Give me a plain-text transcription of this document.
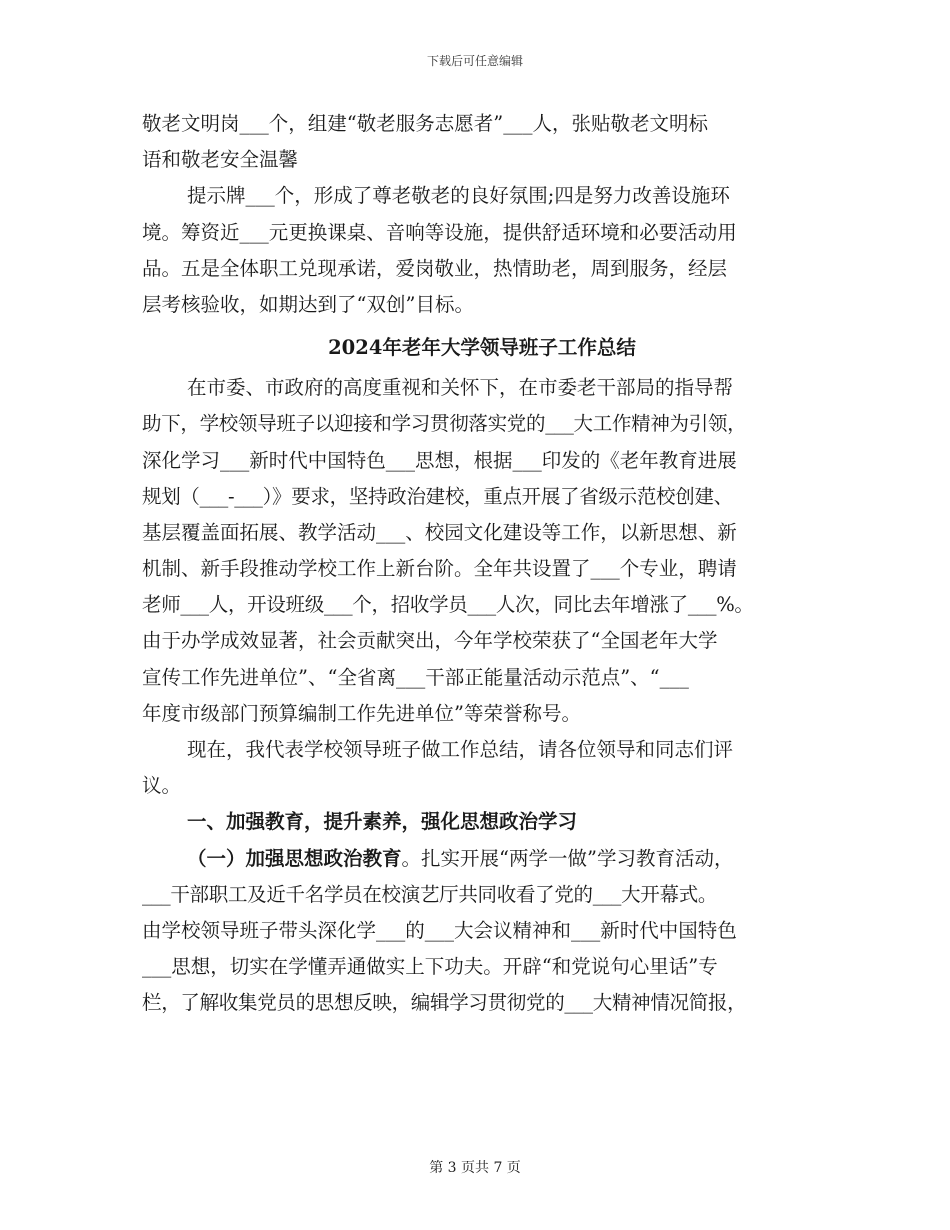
下载后可任意编辑
敬老文明岗___个，组建“敬老服务志愿者”___人，张贴敬老文明标
语和敬老安全温馨
提示牌___个，形成了尊老敬老的良好氛围;四是努力改善设施环
境。筹资近___元更换课桌、音响等设施，提供舒适环境和必要活动用
品。五是全体职工兑现承诺，爱岗敬业，热情助老，周到服务，经层
层考核验收，如期达到了“双创”目标。
2024年老年大学领导班子工作总结
在市委、市政府的高度重视和关怀下，在市委老干部局的指导帮
助下，学校领导班子以迎接和学习贯彻落实党的___大工作精神为引领，
深化学习___新时代中国特色___思想，根据___印发的《老年教育进展
规划（___-___）》要求，坚持政治建校，重点开展了省级示范校创建、
基层覆盖面拓展、教学活动___、校园文化建设等工作，以新思想、新
机制、新手段推动学校工作上新台阶。全年共设置了___个专业，聘请
老师___人，开设班级___个，招收学员___人次，同比去年增涨了___%。
由于办学成效显著，社会贡献突出，今年学校荣获了“全国老年大学
宣传工作先进单位”、“全省离___干部正能量活动示范点”、“___
年度市级部门预算编制工作先进单位”等荣誉称号。
现在，我代表学校领导班子做工作总结，请各位领导和同志们评
议。
一、加强教育，提升素养，强化思想政治学习
（一）加强思想政治教育。扎实开展“两学一做”学习教育活动，
___干部职工及近千名学员在校演艺厅共同收看了党的___大开幕式。
由学校领导班子带头深化学___的___大会议精神和___新时代中国特色
___思想，切实在学懂弄通做实上下功夫。开辟“和党说句心里话”专
栏，了解收集党员的思想反映，编辑学习贯彻党的___大精神情况简报，
第 3 页共 7 页
